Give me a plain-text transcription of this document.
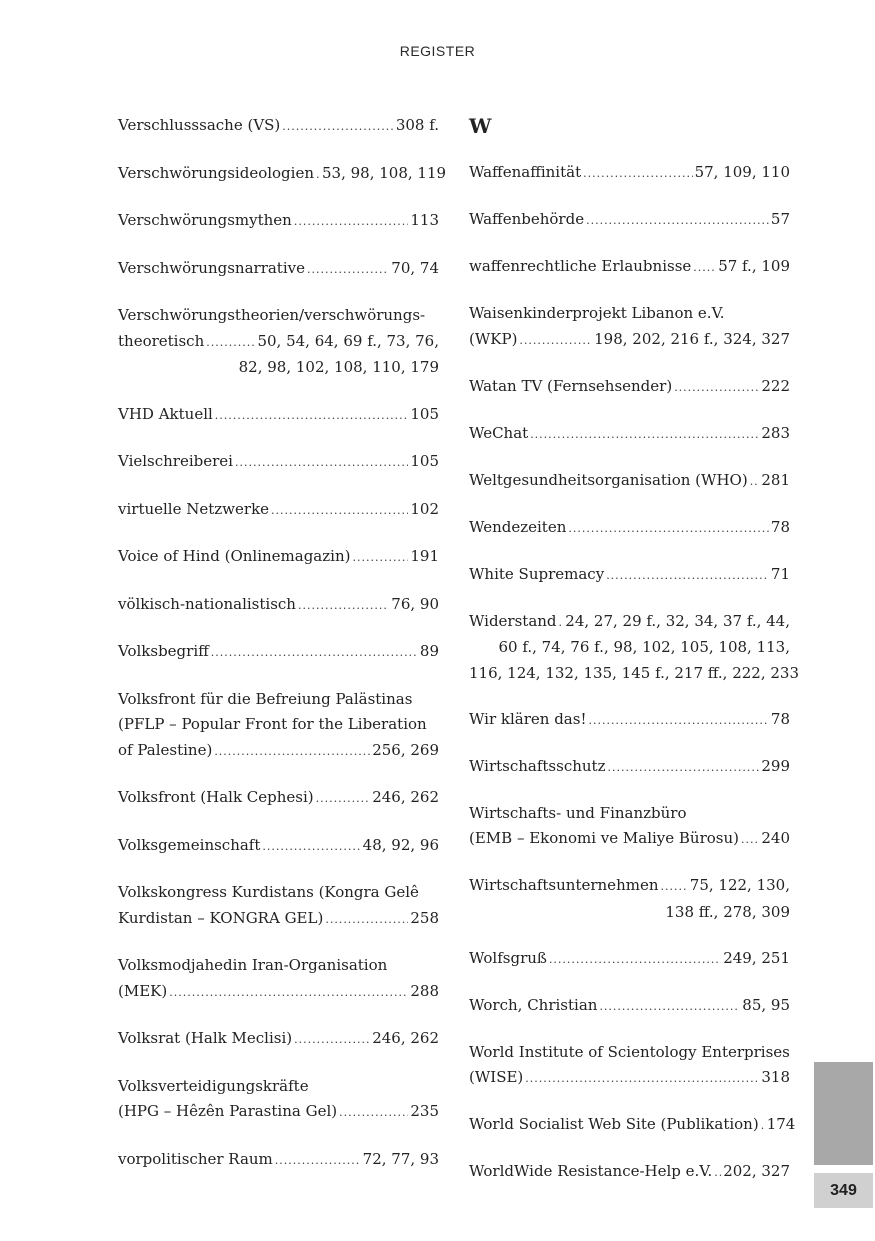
REGISTER
Verschlusssache (VS) .....	308 f.
Verschwörungsideologien ..... 53, 98, 108, 119
Verschwörungsmythen .....	113
Verschwörungsnarrative .....	70, 74
Verschwörungstheorien/verschwörungs-
theoretisch .....	50, 54, 64, 69 f., 73, 76,
82, 98, 102, 108, 110, 179
VHD Aktuell .....	105
Vielschreiberei .....	105
virtuelle Netzwerke .....	102
Voice of Hind (Onlinemagazin) .....	191
völkisch-nationalistisch .....	76, 90
Volksbegriff .....	89
Volksfront für die Befreiung Palästinas
(PFLP – Popular Front for the Liberation
of Palestine) .....	256, 269
Volksfront (Halk Cephesi) .....	246, 262
Volksgemeinschaft .....	48, 92, 96
Volkskongress Kurdistans (Kongra Gelê
Kurdistan – KONGRA GEL) .....	258
Volksmodjahedin Iran-Organisation
(MEK) .....	288
Volksrat (Halk Meclisi) .....	246, 262
Volksverteidigungskräfte
(HPG – Hêzên Parastina Gel) .....	235
vorpolitischer Raum .....	72, 77, 93
W
Waffenaffinität .....	57, 109, 110
Waffenbehörde .....	57
waffenrechtliche Erlaubnisse ..... 57 f., 109
Waisenkinderprojekt Libanon e.V.
(WKP) .....	198, 202, 216 f., 324, 327
Watan TV (Fernsehsender) .....	222
WeChat .....	283
Weltgesundheitsorganisation (WHO) ..... 281
Wendezeiten .....	78
White Supremacy .....	71
Widerstand ..... 24, 27, 29 f., 32, 34, 37 f., 44,
60 f., 74, 76 f., 98, 102, 105, 108, 113,
116, 124, 132, 135, 145 f., 217 ff., 222, 233
Wir klären das! .....	78
Wirtschaftsschutz .....	299
Wirtschafts- und Finanzbüro
(EMB – Ekonomi ve Maliye Bürosu) ..... 240
Wirtschaftsunternehmen ..... 75, 122, 130,
138 ff., 278, 309
Wolfsgruß .....	249, 251
Worch, Christian .....	85, 95
World Institute of Scientology Enterprises
(WISE) .....	318
World Socialist Web Site (Publikation) ..... 174
WorldWide Resistance-Help e.V. ..... 202, 327
349
